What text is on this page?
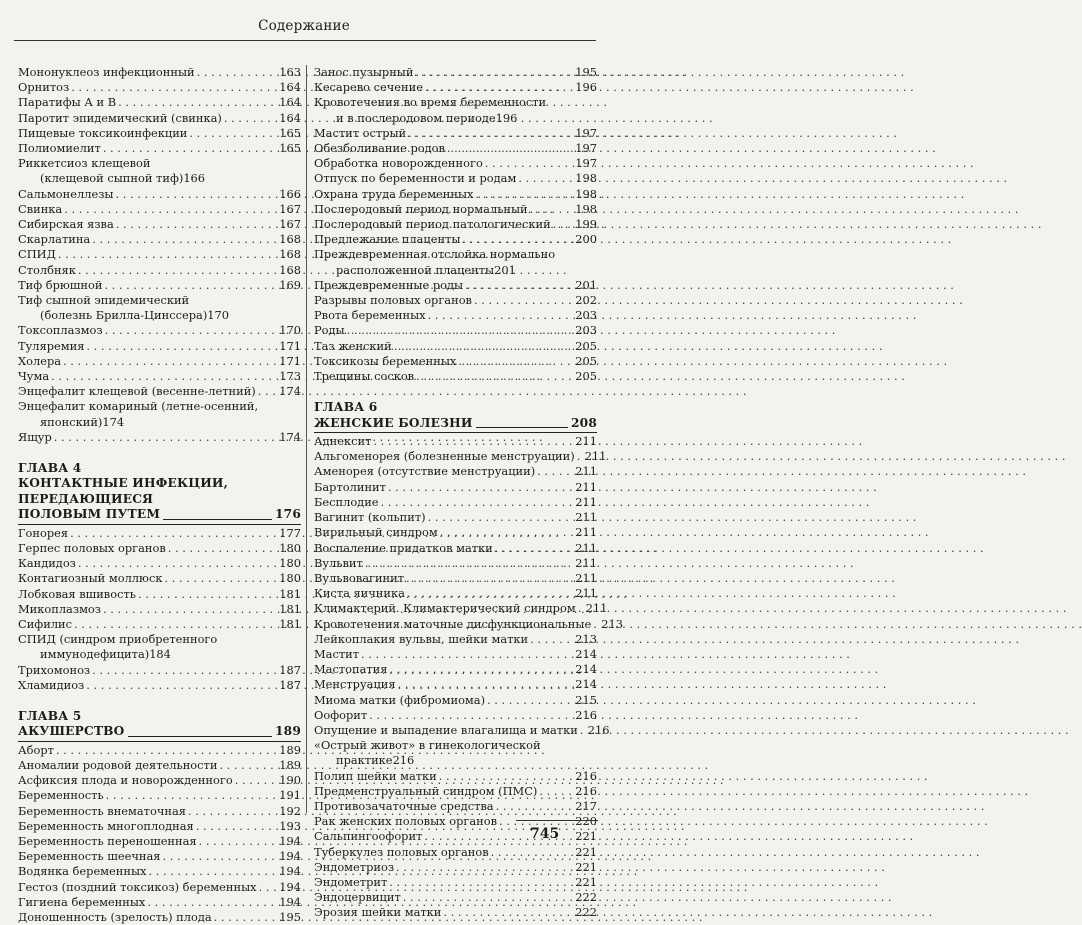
Содержание
Мононуклеоз инфекционный . . .	163
Орнитоз . . .	164
Паратифы А и В . . .	164
Паротит эпидемический (свинка) . . .	164
Пищевые токсикоинфекции . . .	165
Полиомиелит . . .	165
Риккетсиоз клещевой
(клещевой сыпной тиф) 166
Сальмонеллезы . . .	166
Свинка . . .	167
Сибирская язва . . .	167
Скарлатина . . .	168
СПИД . . .	168
Столбняк . . .	168
Тиф брюшной . . .	169
Тиф сыпной эпидемический
(болезнь Брилла-Цинссера) 170
Токсоплазмоз . . .	170
Туляремия . . .	171
Холера . . .	171
Чума . . .	173
Энцефалит клещевой (весенне-летний) . . . 174
Энцефалит комариный (летне-осенний,
японский) 174
Ящур . . .	174
ГЛАВА 4
КОНТАКТНЫЕ ИНФЕКЦИИ,
ПЕРЕДАЮЩИЕСЯ
ПОЛОВЫМ ПУТЕМ	176
Гонорея . . .	177
Герпес половых органов . . .	180
Кандидоз . . .	180
Контагиозный моллюск . . .	180
Лобковая вшивость . . .	181
Микоплазмоз . . .	181
Сифилис . . .	181
СПИД (синдром приобретенного
иммунодефицита) 184
Трихомоноз . . .	187
Хламидиоз . . .	187
ГЛАВА 5
АКУШЕРСТВО	189
Аборт . . .	189
Аномалии родовой деятельности . . .	189
Асфиксия плода и новорожденного . . .	190
Беременность . . .	191
Беременность внематочная . . .	192
Беременность многоплодная . . .	193
Беременность переношенная . . .	194
Беременность шеечная . . .	194
Водянка беременных . . .	194
Гестоз (поздний токсикоз) беременных . . . 194
Гигиена беременных . . .	194
Доношенность (зрелость) плода . . .	195
Занос пузырный . . .	195
Кесарево сечение . . .	196
Кровотечения во время беременности
и в послеродовом периоде 196
Мастит острый . . .	197
Обезболивание родов . . .	197
Обработка новорожденного . . .	197
Отпуск по беременности и родам . . .	198
Охрана труда беременных . . .	198
Послеродовый период нормальный . . .	198
Послеродовый период патологический . . . 199
Предлежание плаценты . . .	200
Преждевременная отслойка нормально
расположенной плаценты 201
Преждевременные роды . . .	201
Разрывы половых органов . . .	202
Рвота беременных . . .	203
Роды . . .	203
Таз женский . . .	205
Токсикозы беременных . . .	205
Трещины сосков . . .	205
ГЛАВА 6
ЖЕНСКИЕ БОЛЕЗНИ	208
Аднексит . . .	211
Альгоменорея (болезненные менструации) . . . 211
Аменорея (отсутствие менструации) . . .	211
Бартолинит . . .	211
Бесплодие . . .	211
Вагинит (кольпит) . . .	211
Вирильный синдром . . .	211
Воспаление придатков матки . . .	211
Вульвит . . .	211
Вульвовагинит . . .	211
Киста яичника . . .	211
Климактерий. Климактерический синдром . . . 211
Кровотечения маточные дисфункциональные . . . 213
Лейкоплакия вульвы, шейки матки . . .	213
Мастит . . .	214
Мастопатия . . .	214
Менструация . . .	214
Миома матки (фибромиома) . . .	215
Оофорит . . .	216
Опущение и выпадение влагалища и матки . . . 216
«Острый живот» в гинекологической
практике 216
Полип шейки матки . . .	216
Предменструальный синдром (ПМС) . . .	216
Противозачаточные средства . . .	217
Рак женских половых органов . . .	220
Сальпингоофорит . . .	221
Туберкулез половых органов . . .	221
Эндометриоз . . .	221
Эндометрит . . .	221
Эндоцервицит . . .	222
Эрозия шейки матки . . .	222
745
